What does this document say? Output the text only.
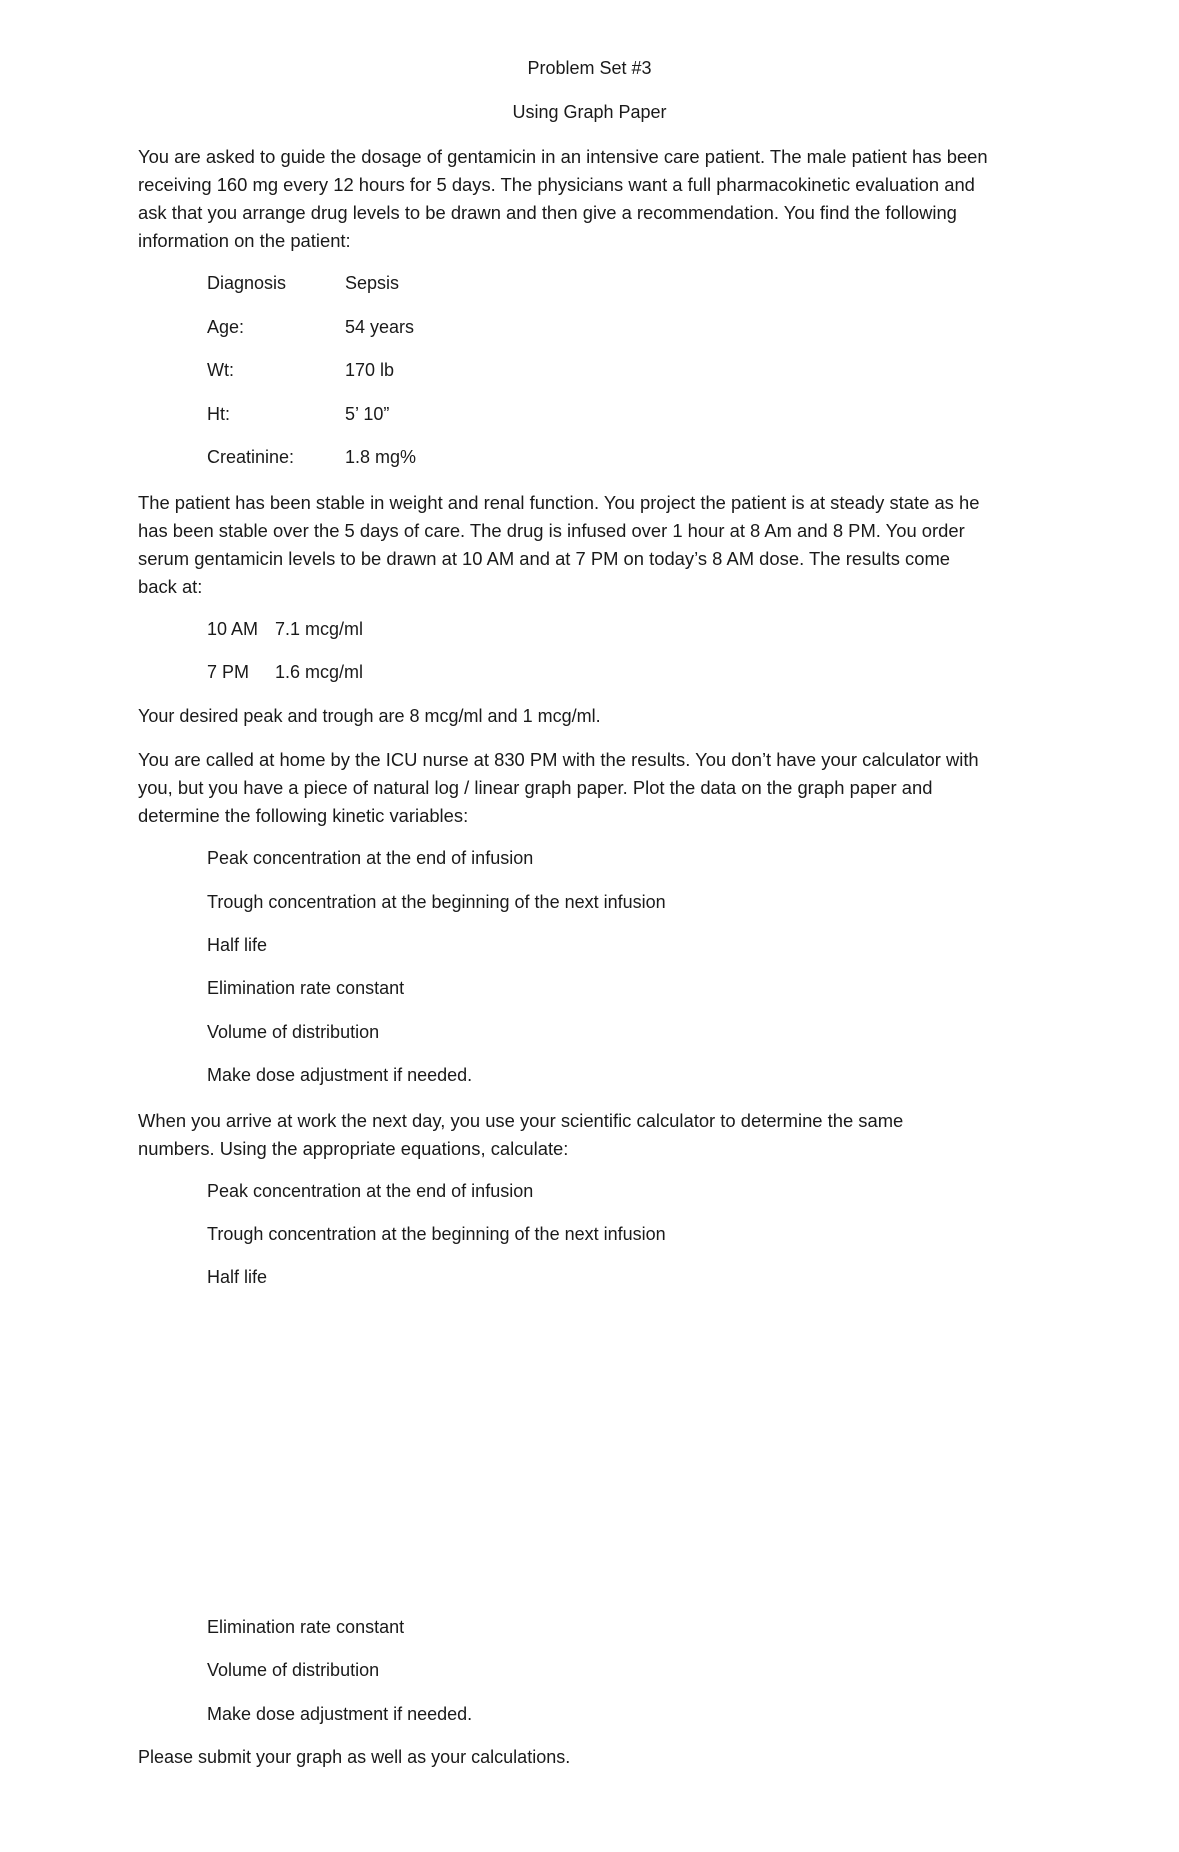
Problem Set #3
Using Graph Paper
You are asked to guide the dosage of gentamicin in an intensive care patient. The male patient has been
receiving 160 mg every 12 hours for 5 days. The physicians want a full pharmacokinetic evaluation and
ask that you arrange drug levels to be drawn and then give a recommendation. You find the following
information on the patient:
Diagnosis	Sepsis
Age:	54 years
Wt:	170 lb
Ht:	5’ 10”
Creatinine:	1.8 mg%
The patient has been stable in weight and renal function. You project the patient is at steady state as he
has been stable over the 5 days of care. The drug is infused over 1 hour at 8 Am and 8 PM. You order
serum gentamicin levels to be drawn at 10 AM and at 7 PM on today’s 8 AM dose. The results come
back at:
10 AM 7.1 mcg/ml
7 PM 1.6 mcg/ml
Your desired peak and trough are 8 mcg/ml and 1 mcg/ml.
You are called at home by the ICU nurse at 830 PM with the results. You don’t have your calculator with
you, but you have a piece of natural log / linear graph paper. Plot the data on the graph paper and
determine the following kinetic variables:
Peak concentration at the end of infusion
Trough concentration at the beginning of the next infusion
Half life
Elimination rate constant
Volume of distribution
Make dose adjustment if needed.
When you arrive at work the next day, you use your scientific calculator to determine the same
numbers. Using the appropriate equations, calculate:
Peak concentration at the end of infusion
Trough concentration at the beginning of the next infusion
Half life
Elimination rate constant
Volume of distribution
Make dose adjustment if needed.
Please submit your graph as well as your calculations.
